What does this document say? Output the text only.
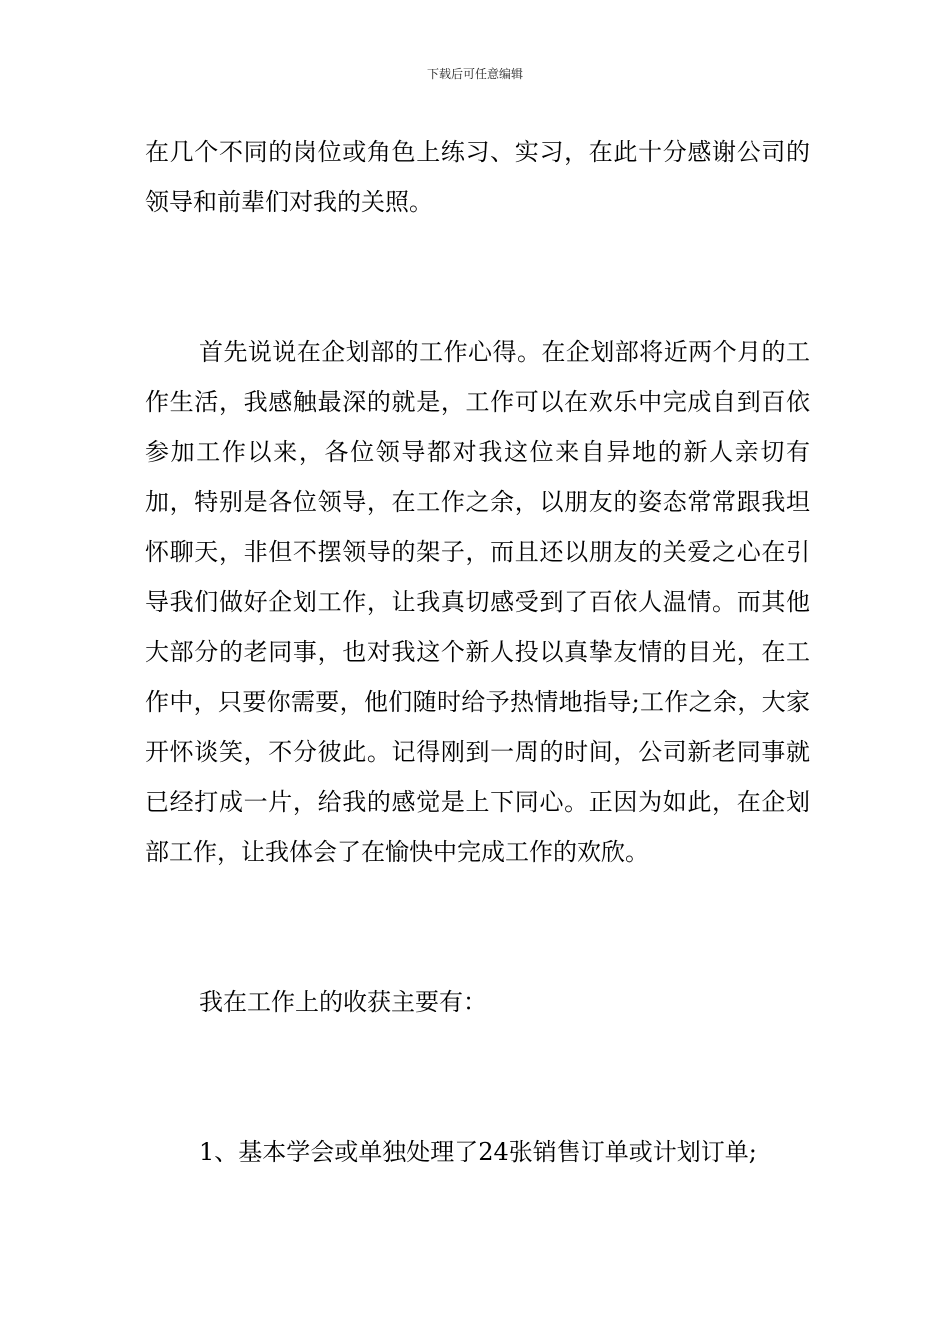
下载后可任意编辑

在几个不同的岗位或角色上练习、实习，在此十分感谢公司的领导和前辈们对我的关照。

首先说说在企划部的工作心得。在企划部将近两个月的工作生活，我感触最深的就是，工作可以在欢乐中完成自到百依参加工作以来，各位领导都对我这位来自异地的新人亲切有加，特别是各位领导，在工作之余，以朋友的姿态常常跟我坦怀聊天，非但不摆领导的架子，而且还以朋友的关爱之心在引导我们做好企划工作，让我真切感受到了百依人温情。而其他大部分的老同事，也对我这个新人投以真挚友情的目光，在工作中，只要你需要，他们随时给予热情地指导;工作之余，大家开怀谈笑，不分彼此。记得刚到一周的时间，公司新老同事就已经打成一片，给我的感觉是上下同心。正因为如此，在企划部工作，让我体会了在愉快中完成工作的欢欣。

我在工作上的收获主要有：

1、基本学会或单独处理了24张销售订单或计划订单;
